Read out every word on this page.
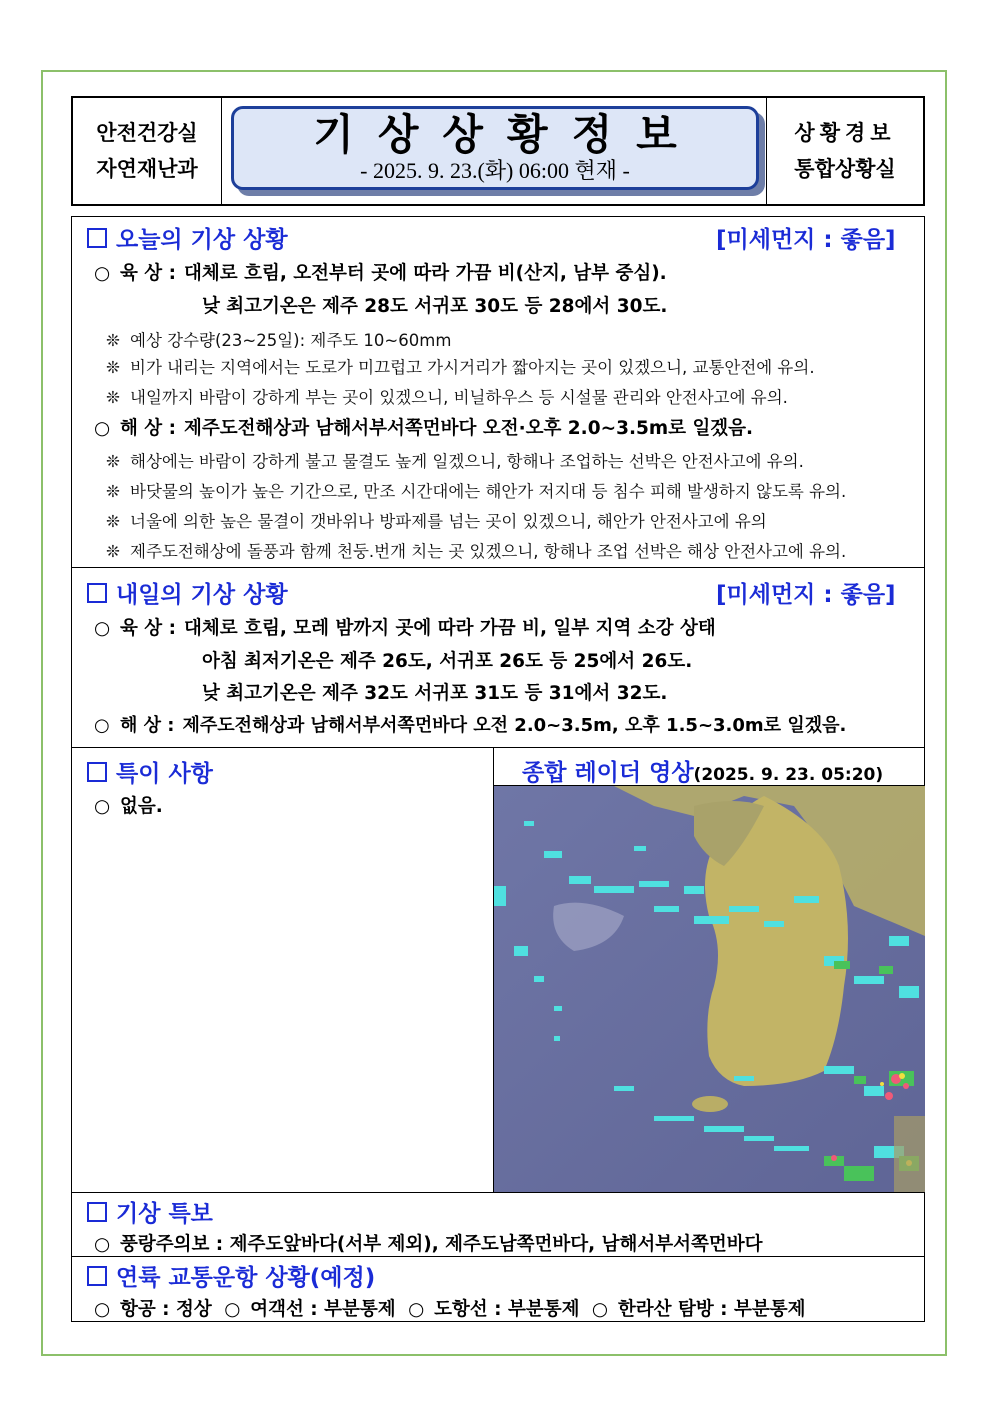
안전건강실
자연재난과
기상상황정보
- 2025. 9. 23.(화) 06:00 현재 -
상황경보
통합상황실
오늘의 기상 상황	[미세먼지 : 좋음]
○ 육 상 : 대체로 흐림, 오전부터 곳에 따라 가끔 비(산지, 남부 중심).
낮 최고기온은 제주 28도 서귀포 30도 등 28에서 30도.
❊ 예상 강수량(23~25일): 제주도 10~60mm
❊ 비가 내리는 지역에서는 도로가 미끄럽고 가시거리가 짧아지는 곳이 있겠으니, 교통안전에 유의.
❊ 내일까지 바람이 강하게 부는 곳이 있겠으니, 비닐하우스 등 시설물 관리와 안전사고에 유의.
○ 해 상 : 제주도전해상과 남해서부서쪽먼바다 오전·오후 2.0~3.5m로 일겠음.
❊ 해상에는 바람이 강하게 불고 물결도 높게 일겠으니, 항해나 조업하는 선박은 안전사고에 유의.
❊ 바닷물의 높이가 높은 기간으로, 만조 시간대에는 해안가 저지대 등 침수 피해 발생하지 않도록 유의.
❊ 너울에 의한 높은 물결이 갯바위나 방파제를 넘는 곳이 있겠으니, 해안가 안전사고에 유의
❊ 제주도전해상에 돌풍과 함께 천둥.번개 치는 곳 있겠으니, 항해나 조업 선박은 해상 안전사고에 유의.
내일의 기상 상황	[미세먼지 : 좋음]
○ 육 상 : 대체로 흐림, 모레 밤까지 곳에 따라 가끔 비, 일부 지역 소강 상태
아침 최저기온은 제주 26도, 서귀포 26도 등 25에서 26도.
낮 최고기온은 제주 32도 서귀포 31도 등 31에서 32도.
○ 해 상 : 제주도전해상과 남해서부서쪽먼바다 오전 2.0~3.5m, 오후 1.5~3.0m로 일겠음.
특이 사항
○ 없음.
종합 레이더 영상(2025. 9. 23. 05:20)
기상 특보
○ 풍랑주의보 : 제주도앞바다(서부 제외), 제주도남쪽먼바다, 남해서부서쪽먼바다
연륙 교통운항 상황(예정)
○ 항공 : 정상 ○ 여객선 : 부분통제 ○ 도항선 : 부분통제 ○ 한라산 탐방 : 부분통제
